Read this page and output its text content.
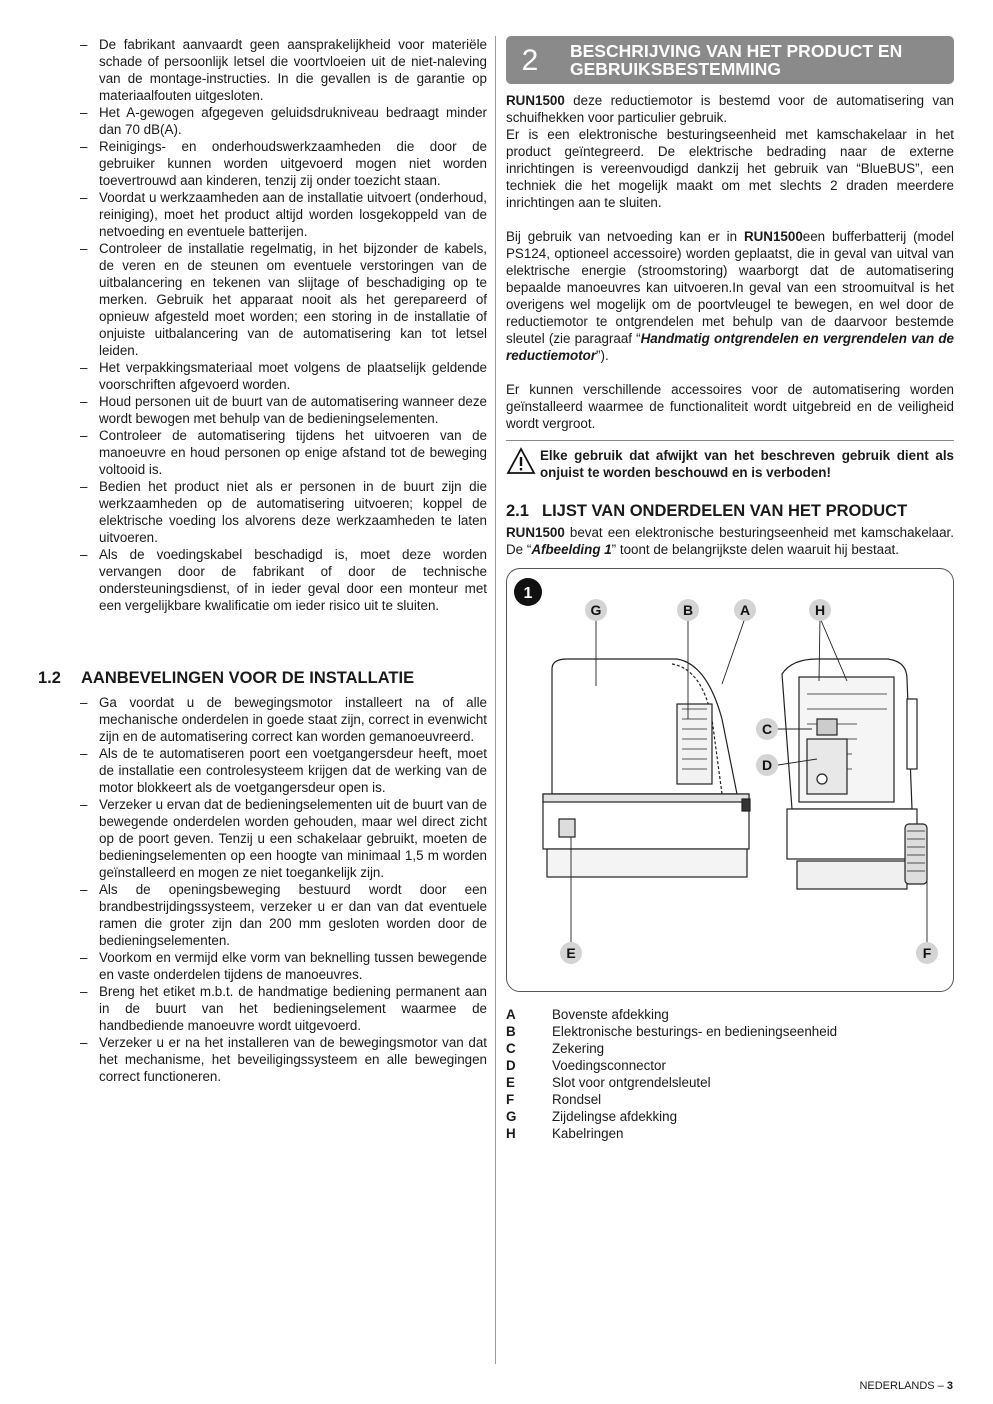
– De fabrikant aanvaardt geen aansprakelijkheid voor materiële schade of persoonlijk letsel die voortvloeien uit de niet-naleving van de montage-instructies. In die gevallen is de garantie op materiaalfouten uitgesloten.
– Het A-gewogen afgegeven geluidsdrukniveau bedraagt minder dan 70 dB(A).
– Reinigings- en onderhoudswerkzaamheden die door de gebruiker kunnen worden uitgevoerd mogen niet worden toevertrouwd aan kinderen, tenzij zij onder toezicht staan.
– Voordat u werkzaamheden aan de installatie uitvoert (onderhoud, reiniging), moet het product altijd worden losgekoppeld van de netvoeding en eventuele batterijen.
– Controleer de installatie regelmatig, in het bijzonder de kabels, de veren en de steunen om eventuele verstoringen van de uitbalancering en tekenen van slijtage of beschadiging op te merken. Gebruik het apparaat nooit als het gerepareerd of opnieuw afgesteld moet worden; een storing in de installatie of onjuiste uitbalancering van de automatisering kan tot letsel leiden.
– Het verpakkingsmateriaal moet volgens de plaatselijk geldende voorschriften afgevoerd worden.
– Houd personen uit de buurt van de automatisering wanneer deze wordt bewogen met behulp van de bedieningselementen.
– Controleer de automatisering tijdens het uitvoeren van de manoeuvre en houd personen op enige afstand tot de beweging voltooid is.
– Bedien het product niet als er personen in de buurt zijn die werkzaamheden op de automatisering uitvoeren; koppel de elektrische voeding los alvorens deze werkzaamheden te laten uitvoeren.
– Als de voedingskabel beschadigd is, moet deze worden vervangen door de fabrikant of door de technische ondersteuningsdienst, of in ieder geval door een monteur met een vergelijkbare kwalificatie om ieder risico uit te sluiten.
1.2 AANBEVELINGEN VOOR DE INSTALLATIE
– Ga voordat u de bewegingsmotor installeert na of alle mechanische onderdelen in goede staat zijn, correct in evenwicht zijn en de automatisering correct kan worden gemanoeuvreerd.
– Als de te automatiseren poort een voetgangersdeur heeft, moet de installatie een controlesysteem krijgen dat de werking van de motor blokkeert als de voetgangersdeur open is.
– Verzeker u ervan dat de bedieningselementen uit de buurt van de bewegende onderdelen worden gehouden, maar wel direct zicht op de poort geven. Tenzij u een schakelaar gebruikt, moeten de bedieningselementen op een hoogte van minimaal 1,5 m worden geïnstalleerd en mogen ze niet toegankelijk zijn.
– Als de openingsbeweging bestuurd wordt door een brandbestrijdingssysteem, verzeker u er dan van dat eventuele ramen die groter zijn dan 200 mm gesloten worden door de bedieningselementen.
– Voorkom en vermijd elke vorm van beknelling tussen bewegende en vaste onderdelen tijdens de manoeuvres.
– Breng het etiket m.b.t. de handmatige bediening permanent aan in de buurt van het bedieningselement waarmee de handbediende manoeuvre wordt uitgevoerd.
– Verzeker u er na het installeren van de bewegingsmotor van dat het mechanisme, het beveiligingssysteem en alle bewegingen correct functioneren.
2	BESCHRIJVING VAN HET PRODUCT EN
GEBRUIKSBESTEMMING

RUN1500 deze reductiemotor is bestemd voor de automatisering van schuifhekken voor particulier gebruik.

Er is een elektronische besturingseenheid met kamschakelaar in het product geïntegreerd. De elektrische bedrading naar de externe inrichtingen is vereenvoudigd dankzij het gebruik van “BlueBUS”, een techniek die het mogelijk maakt om met slechts 2 draden meerdere inrichtingen aan te sluiten.

Bij gebruik van netvoeding kan er in RUN1500een bufferbatterij (model PS124, optioneel accessoire) worden geplaatst, die in geval van uitval van elektrische energie (stroomstoring) waarborgt dat de automatisering bepaalde manoeuvres kan uitvoeren.In geval van een stroomuitval is het overigens wel mogelijk om de poortvleugel te bewegen, en wel door de reductiemotor te ontgrendelen met behulp van de daarvoor bestemde sleutel (zie paragraaf “Handmatig ontgrendelen en vergrendelen van de reductiemotor”).

Er kunnen verschillende accessoires voor de automatisering worden geïnstalleerd waarmee de functionaliteit wordt uitgebreid en de veiligheid wordt vergroot.

Elke gebruik dat afwijkt van het beschreven gebruik dient als onjuist te worden beschouwd en is verboden!
2.1 LIJST VAN ONDERDELEN VAN HET PRODUCT

RUN1500 bevat een elektronische besturingseenheid met kamschakelaar. De “Afbeelding 1” toont de belangrijkste delen waaruit hij bestaat.

1
G	B	A	H
C
D
E	F
A	Bovenste afdekking
B	Elektronische besturings- en bedieningseenheid
C	Zekering
D	Voedingsconnector
E	Slot voor ontgrendelsleutel
F	Rondsel
G	Zijdelingse afdekking
H	Kabelringen
NEDERLANDS – 3
